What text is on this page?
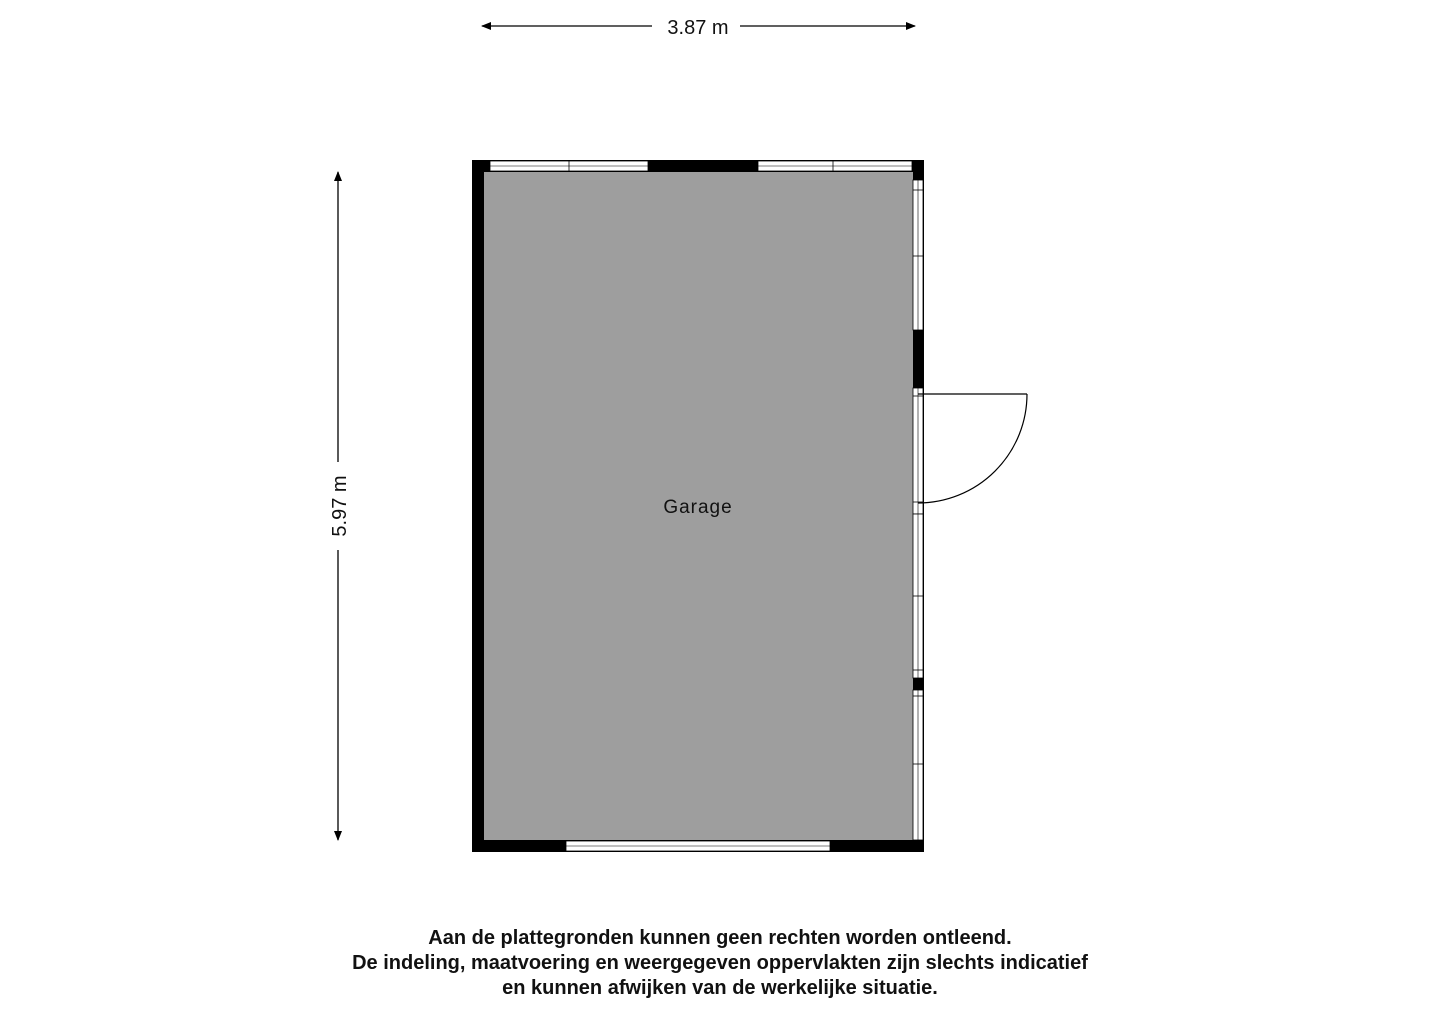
3.87 m
5.97 m	Garage
Aan de plattegronden kunnen geen rechten worden ontleend.
De indeling, maatvoering en weergegeven oppervlakten zijn slechts indicatief
en kunnen afwijken van de werkelijke situatie.
